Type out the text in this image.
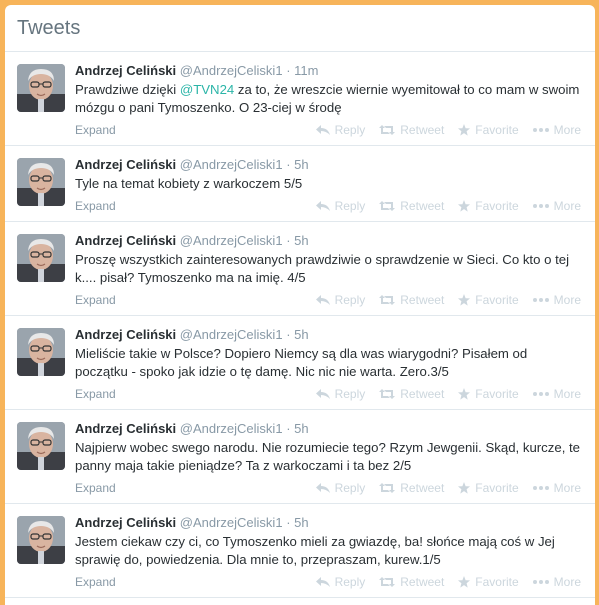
Tweets
Andrzej Celiński @AndrzejCeliski1 · 11m
Prawdziwe dzięki @TVN24 za to, że wreszcie wiernie wyemitował to co mam w swoim mózgu o pani Tymoszenko. O 23-ciej w środę
Expand	Reply	Retweet	Favorite	More
Andrzej Celiński @AndrzejCeliski1 · 5h
Tyle na temat kobiety z warkoczem 5/5
Expand	Reply	Retweet	Favorite	More
Andrzej Celiński @AndrzejCeliski1 · 5h
Proszę wszystkich zainteresowanych prawdziwie o sprawdzenie w Sieci. Co kto o tej k.... pisał? Tymoszenko ma na imię. 4/5
Expand	Reply	Retweet	Favorite	More
Andrzej Celiński @AndrzejCeliski1 · 5h
Mieliście takie w Polsce? Dopiero Niemcy są dla was wiarygodni? Pisałem od początku - spoko jak idzie o tę damę. Nic nic nie warta. Zero.3/5
Expand	Reply	Retweet	Favorite	More
Andrzej Celiński @AndrzejCeliski1 · 5h
Najpierw wobec swego narodu. Nie rozumiecie tego? Rzym Jewgenii. Skąd, kurcze, te panny maja takie pieniądze? Ta z warkoczami i ta bez 2/5
Expand	Reply	Retweet	Favorite	More
Andrzej Celiński @AndrzejCeliski1 · 5h
Jestem ciekaw czy ci, co Tymoszenko mieli za gwiazdę, ba! słońce mają coś w Jej sprawię do, powiedzenia. Dla mnie to, przepraszam, kurew.1/5
Expand	Reply	Retweet	Favorite	More
